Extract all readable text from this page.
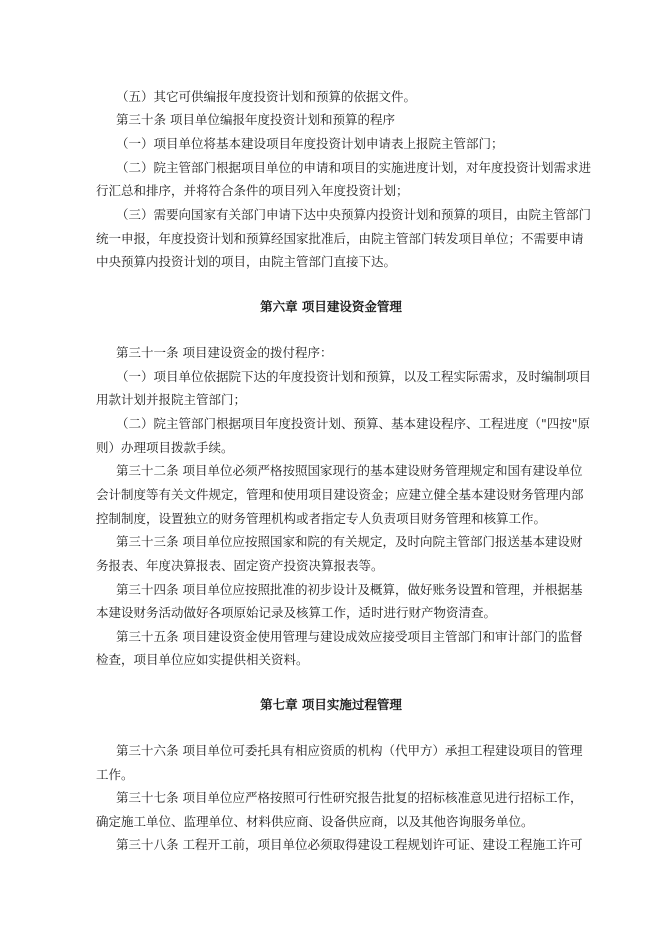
（五）其它可供编报年度投资计划和预算的依据文件。
第三十条 项目单位编报年度投资计划和预算的程序
（一）项目单位将基本建设项目年度投资计划申请表上报院主管部门；
（二）院主管部门根据项目单位的申请和项目的实施进度计划，对年度投资计划需求进
行汇总和排序，并将符合条件的项目列入年度投资计划；
（三）需要向国家有关部门申请下达中央预算内投资计划和预算的项目，由院主管部门
统一申报，年度投资计划和预算经国家批准后，由院主管部门转发项目单位；不需要申请
中央预算内投资计划的项目，由院主管部门直接下达。
第六章 项目建设资金管理
第三十一条 项目建设资金的拨付程序：
（一）项目单位依据院下达的年度投资计划和预算，以及工程实际需求，及时编制项目
用款计划并报院主管部门；
（二）院主管部门根据项目年度投资计划、预算、基本建设程序、工程进度（"四按"原
则）办理项目拨款手续。
第三十二条 项目单位必须严格按照国家现行的基本建设财务管理规定和国有建设单位
会计制度等有关文件规定，管理和使用项目建设资金；应建立健全基本建设财务管理内部
控制制度，设置独立的财务管理机构或者指定专人负责项目财务管理和核算工作。
第三十三条 项目单位应按照国家和院的有关规定，及时向院主管部门报送基本建设财
务报表、年度决算报表、固定资产投资决算报表等。
第三十四条 项目单位应按照批准的初步设计及概算，做好账务设置和管理，并根据基
本建设财务活动做好各项原始记录及核算工作，适时进行财产物资清查。
第三十五条 项目建设资金使用管理与建设成效应接受项目主管部门和审计部门的监督
检查，项目单位应如实提供相关资料。
第七章 项目实施过程管理
第三十六条 项目单位可委托具有相应资质的机构（代甲方）承担工程建设项目的管理
工作。
第三十七条 项目单位应严格按照可行性研究报告批复的招标核准意见进行招标工作，
确定施工单位、监理单位、材料供应商、设备供应商，以及其他咨询服务单位。
第三十八条 工程开工前，项目单位必须取得建设工程规划许可证、建设工程施工许可
